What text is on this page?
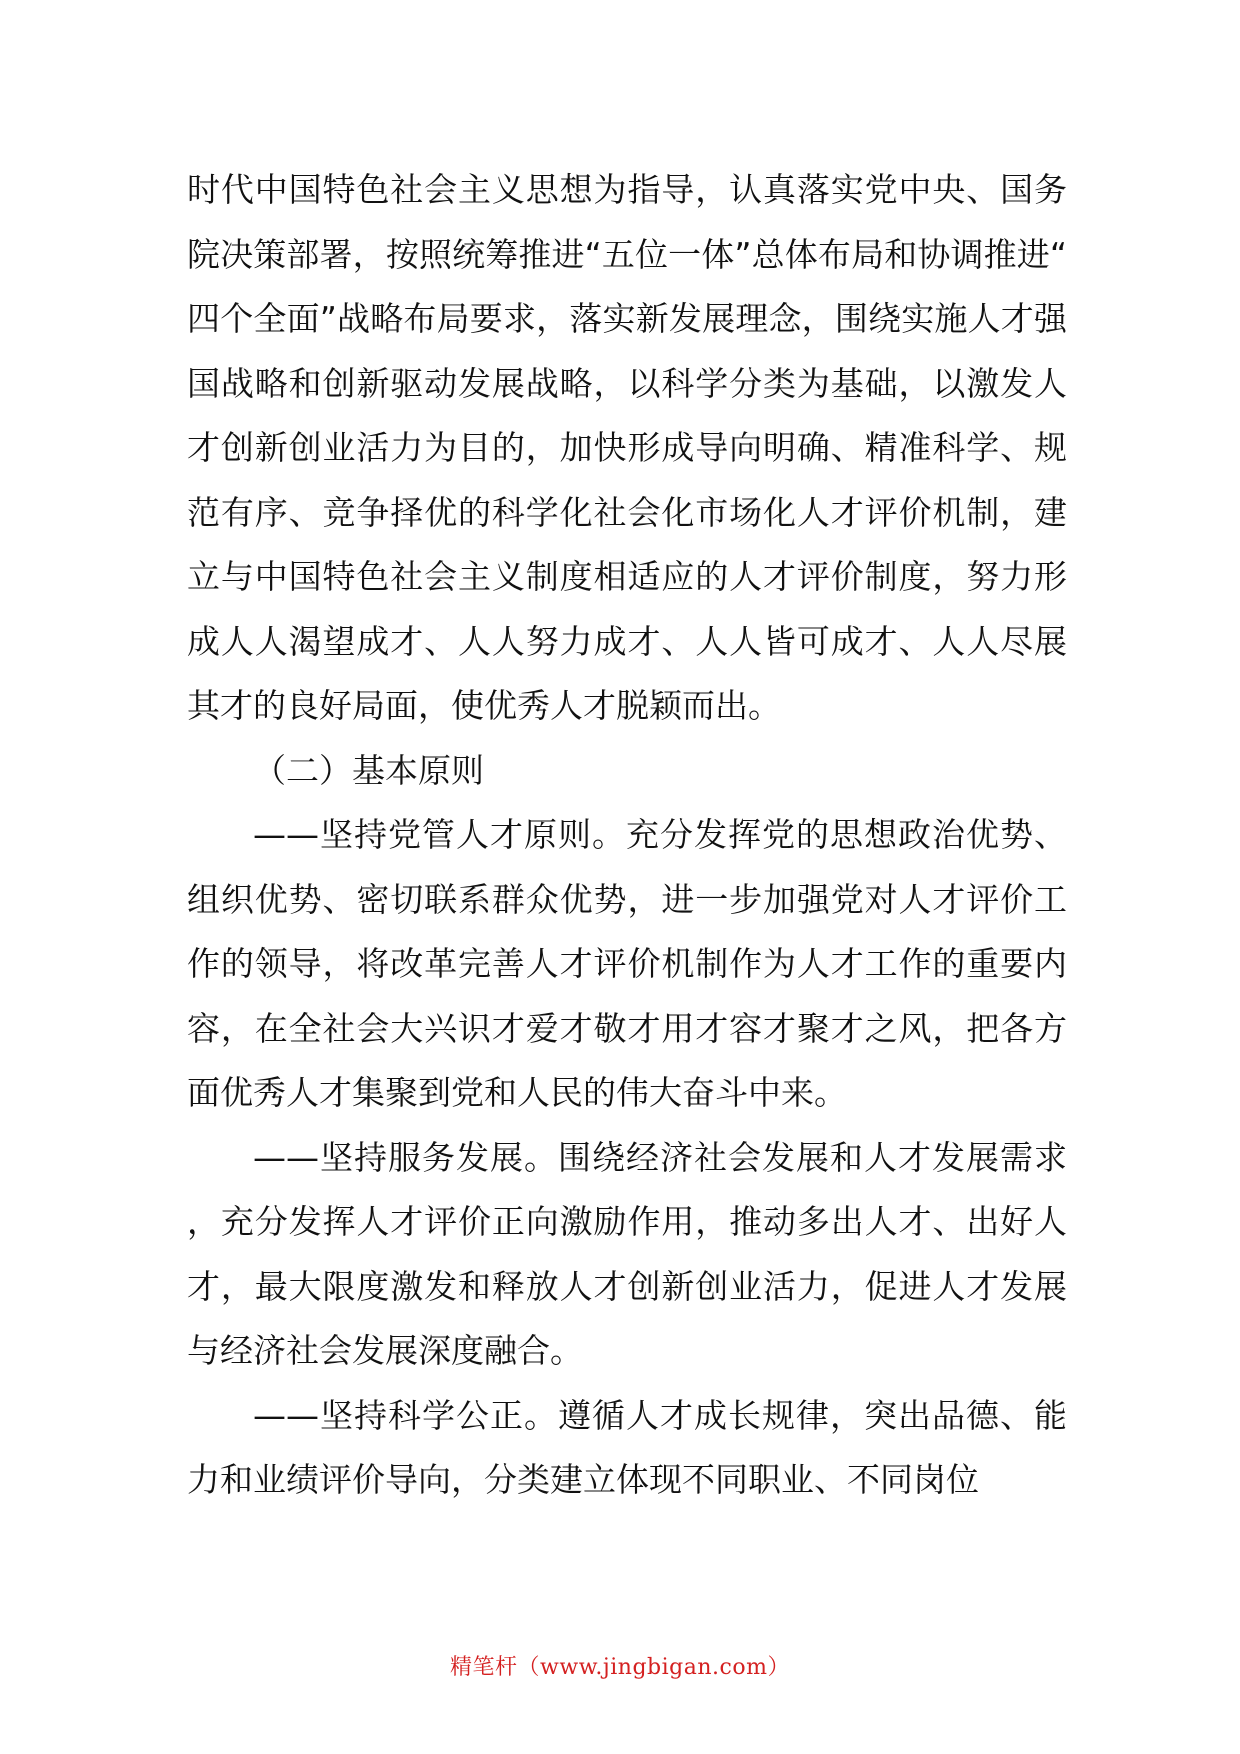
时代中国特色社会主义思想为指导，认真落实党中央、国务院决策部署，按照统筹推进“五位一体”总体布局和协调推进“四个全面”战略布局要求，落实新发展理念，围绕实施人才强国战略和创新驱动发展战略，以科学分类为基础，以激发人才创新创业活力为目的，加快形成导向明确、精准科学、规范有序、竞争择优的科学化社会化市场化人才评价机制，建立与中国特色社会主义制度相适应的人才评价制度，努力形成人人渴望成才、人人努力成才、人人皆可成才、人人尽展其才的良好局面，使优秀人才脱颖而出。

（二）基本原则

——坚持党管人才原则。充分发挥党的思想政治优势、组织优势、密切联系群众优势，进一步加强党对人才评价工作的领导，将改革完善人才评价机制作为人才工作的重要内容，在全社会大兴识才爱才敬才用才容才聚才之风，把各方面优秀人才集聚到党和人民的伟大奋斗中来。

——坚持服务发展。围绕经济社会发展和人才发展需求，充分发挥人才评价正向激励作用，推动多出人才、出好人才，最大限度激发和释放人才创新创业活力，促进人才发展与经济社会发展深度融合。

——坚持科学公正。遵循人才成长规律，突出品德、能力和业绩评价导向，分类建立体现不同职业、不同岗位

精笔杆（www.jingbigan.com）
